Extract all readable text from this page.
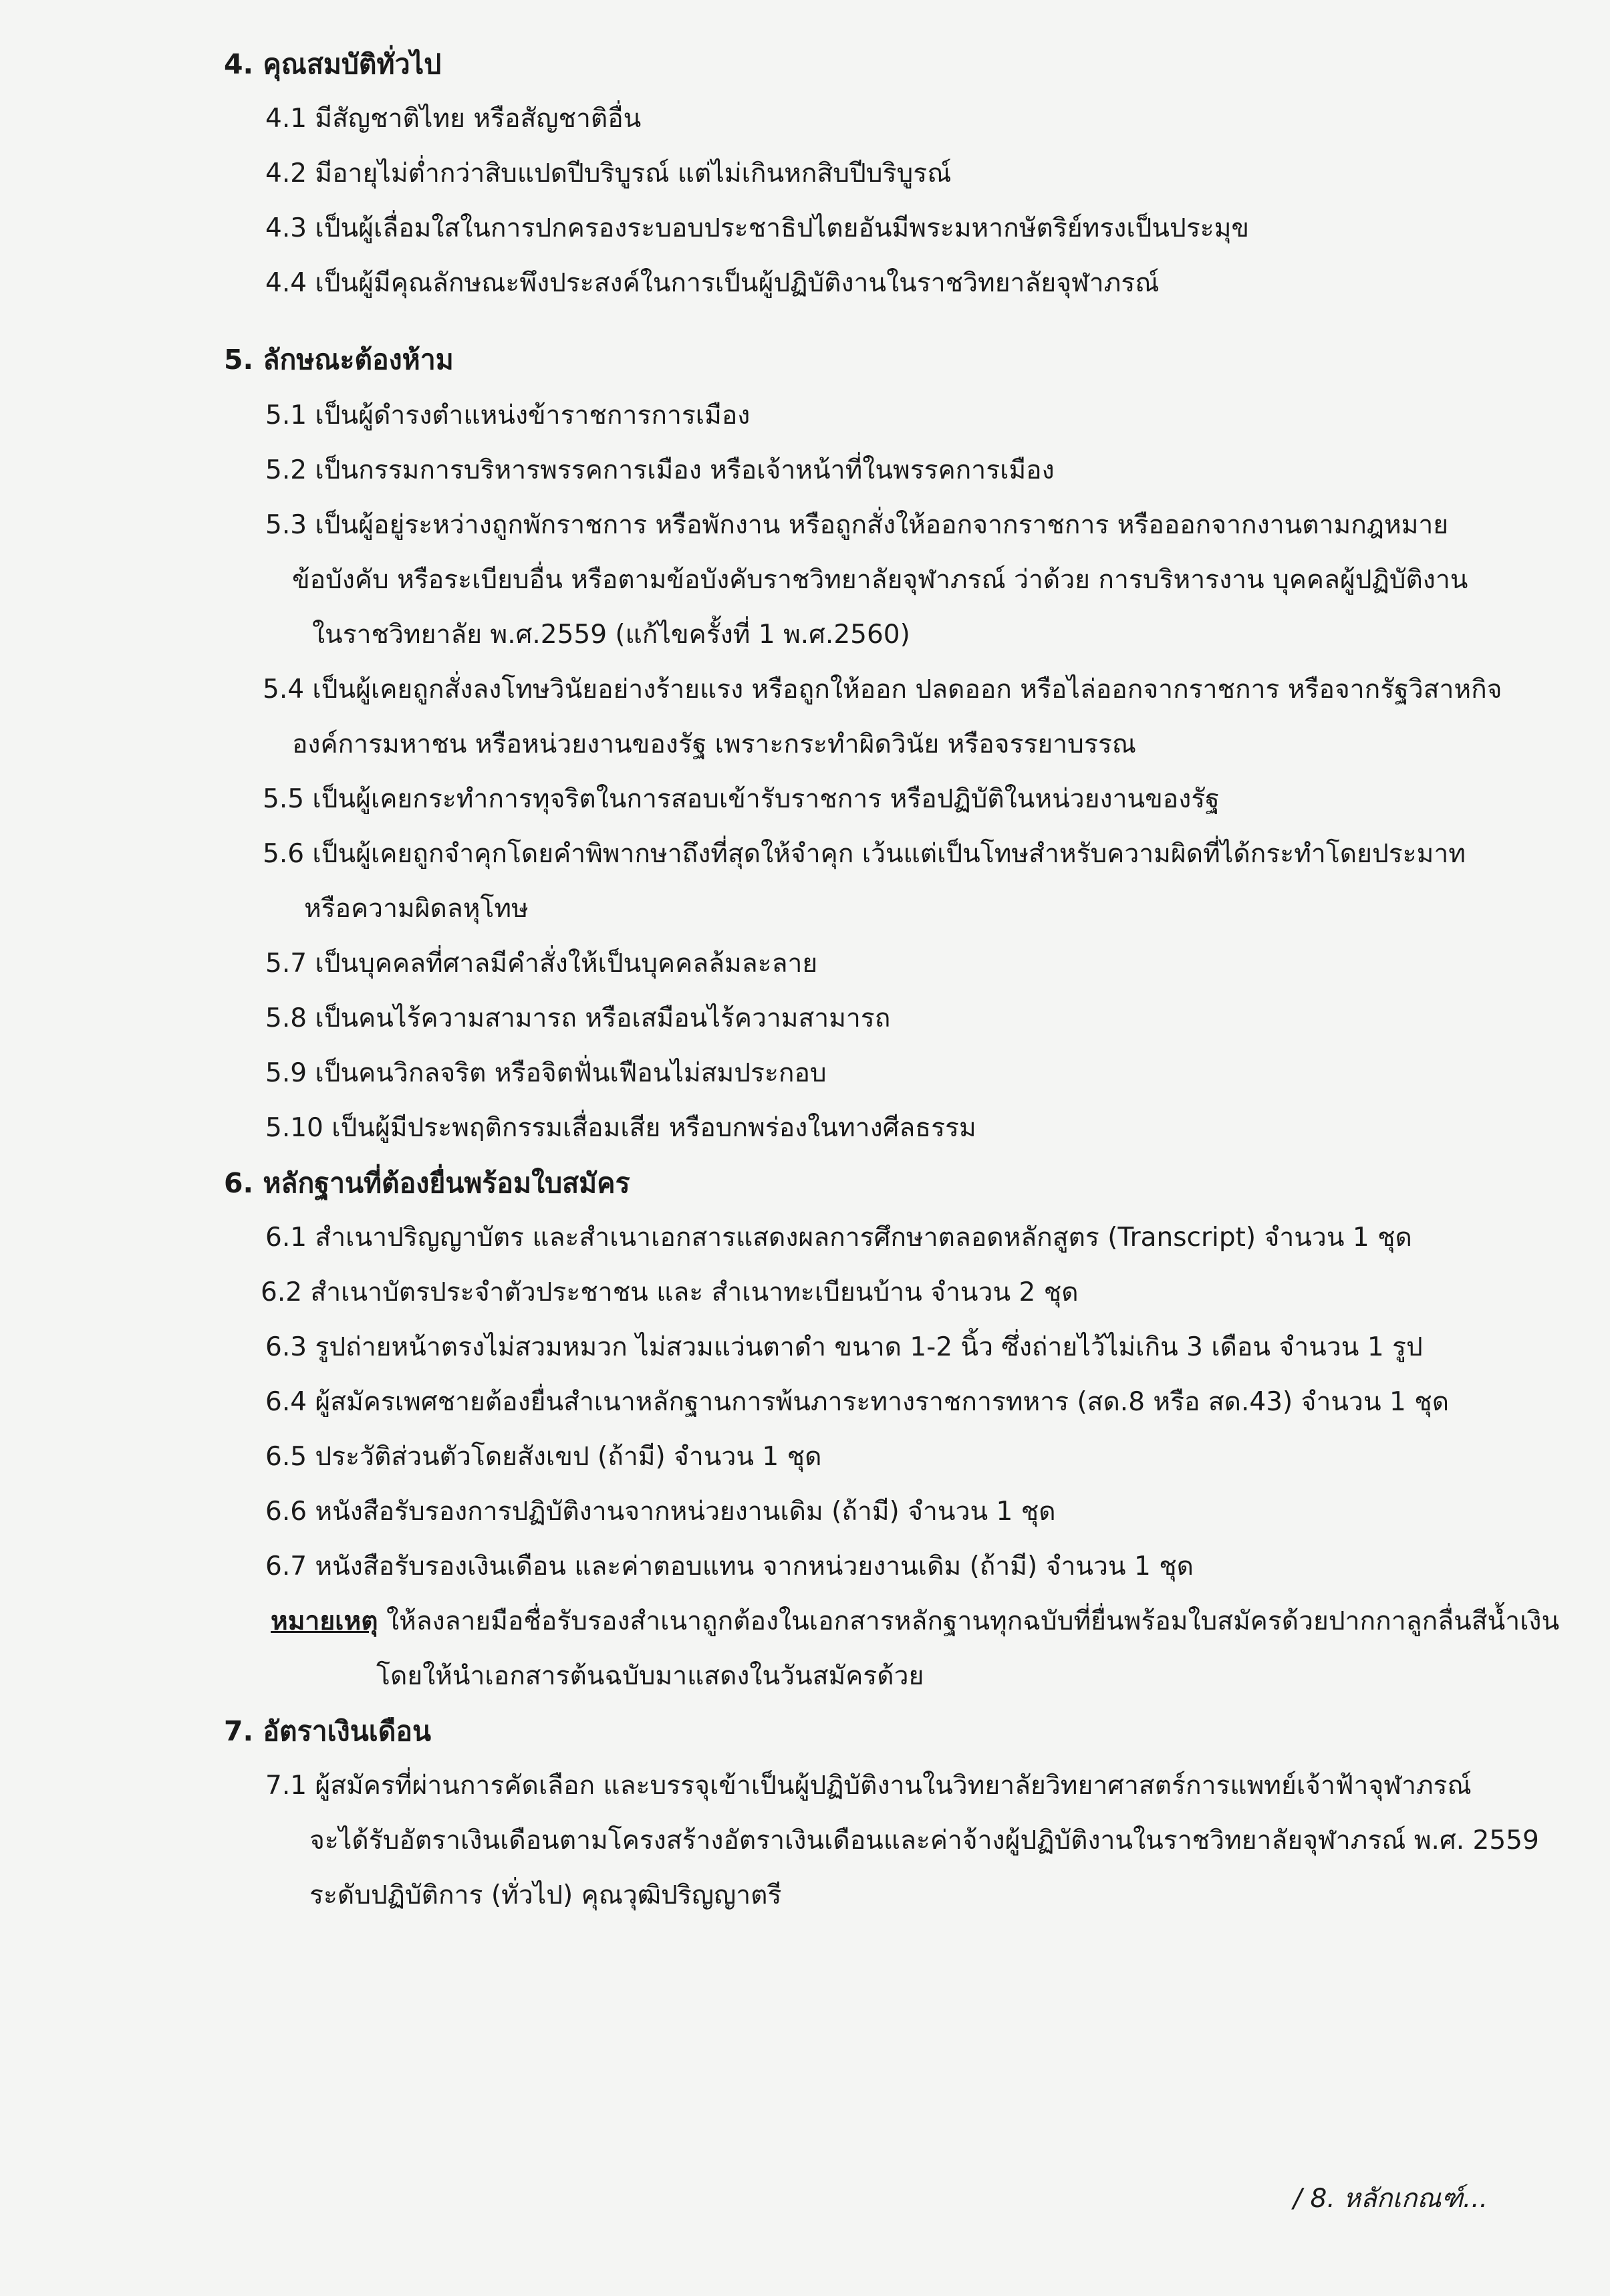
4. คุณสมบัติทั่วไป
4.1 มีสัญชาติไทย หรือสัญชาติอื่น
4.2 มีอายุไม่ต่ำกว่าสิบแปดปีบริบูรณ์ แต่ไม่เกินหกสิบปีบริบูรณ์
4.3 เป็นผู้เลื่อมใสในการปกครองระบอบประชาธิปไตยอันมีพระมหากษัตริย์ทรงเป็นประมุข
4.4 เป็นผู้มีคุณลักษณะพึงประสงค์ในการเป็นผู้ปฏิบัติงานในราชวิทยาลัยจุฬาภรณ์
5. ลักษณะต้องห้าม
5.1 เป็นผู้ดำรงตำแหน่งข้าราชการการเมือง
5.2 เป็นกรรมการบริหารพรรคการเมือง หรือเจ้าหน้าที่ในพรรคการเมือง
5.3 เป็นผู้อยู่ระหว่างถูกพักราชการ หรือพักงาน หรือถูกสั่งให้ออกจากราชการ หรือออกจากงานตามกฎหมาย
ข้อบังคับ หรือระเบียบอื่น หรือตามข้อบังคับราชวิทยาลัยจุฬาภรณ์ ว่าด้วย การบริหารงาน บุคคลผู้ปฏิบัติงาน
ในราชวิทยาลัย พ.ศ.2559 (แก้ไขครั้งที่ 1 พ.ศ.2560)
5.4 เป็นผู้เคยถูกสั่งลงโทษวินัยอย่างร้ายแรง หรือถูกให้ออก ปลดออก หรือไล่ออกจากราชการ หรือจากรัฐวิสาหกิจ
องค์การมหาชน หรือหน่วยงานของรัฐ เพราะกระทำผิดวินัย หรือจรรยาบรรณ
5.5 เป็นผู้เคยกระทำการทุจริตในการสอบเข้ารับราชการ หรือปฏิบัติในหน่วยงานของรัฐ
5.6 เป็นผู้เคยถูกจำคุกโดยคำพิพากษาถึงที่สุดให้จำคุก เว้นแต่เป็นโทษสำหรับความผิดที่ได้กระทำโดยประมาท
หรือความผิดลหุโทษ
5.7 เป็นบุคคลที่ศาลมีคำสั่งให้เป็นบุคคลล้มละลาย
5.8 เป็นคนไร้ความสามารถ หรือเสมือนไร้ความสามารถ
5.9 เป็นคนวิกลจริต หรือจิตฟั่นเฟือนไม่สมประกอบ
5.10 เป็นผู้มีประพฤติกรรมเสื่อมเสีย หรือบกพร่องในทางศีลธรรม
6. หลักฐานที่ต้องยื่นพร้อมใบสมัคร
6.1 สำเนาปริญญาบัตร และสำเนาเอกสารแสดงผลการศึกษาตลอดหลักสูตร (Transcript) จำนวน 1 ชุด
6.2 สำเนาบัตรประจำตัวประชาชน และ สำเนาทะเบียนบ้าน จำนวน 2 ชุด
6.3 รูปถ่ายหน้าตรงไม่สวมหมวก ไม่สวมแว่นตาดำ ขนาด 1-2 นิ้ว ซึ่งถ่ายไว้ไม่เกิน 3 เดือน จำนวน 1 รูป
6.4 ผู้สมัครเพศชายต้องยื่นสำเนาหลักฐานการพ้นภาระทางราชการทหาร (สด.8 หรือ สด.43) จำนวน 1 ชุด
6.5 ประวัติส่วนตัวโดยสังเขป (ถ้ามี) จำนวน 1 ชุด
6.6 หนังสือรับรองการปฏิบัติงานจากหน่วยงานเดิม (ถ้ามี) จำนวน 1 ชุด
6.7 หนังสือรับรองเงินเดือน และค่าตอบแทน จากหน่วยงานเดิม (ถ้ามี) จำนวน 1 ชุด
หมายเหตุ ให้ลงลายมือชื่อรับรองสำเนาถูกต้องในเอกสารหลักฐานทุกฉบับที่ยื่นพร้อมใบสมัครด้วยปากกาลูกลื่นสีน้ำเงิน
โดยให้นำเอกสารต้นฉบับมาแสดงในวันสมัครด้วย
7. อัตราเงินเดือน
7.1 ผู้สมัครที่ผ่านการคัดเลือก และบรรจุเข้าเป็นผู้ปฏิบัติงานในวิทยาลัยวิทยาศาสตร์การแพทย์เจ้าฟ้าจุฬาภรณ์
จะได้รับอัตราเงินเดือนตามโครงสร้างอัตราเงินเดือนและค่าจ้างผู้ปฏิบัติงานในราชวิทยาลัยจุฬาภรณ์ พ.ศ. 2559
ระดับปฏิบัติการ (ทั่วไป) คุณวุฒิปริญญาตรี
/ 8. หลักเกณฑ์...
